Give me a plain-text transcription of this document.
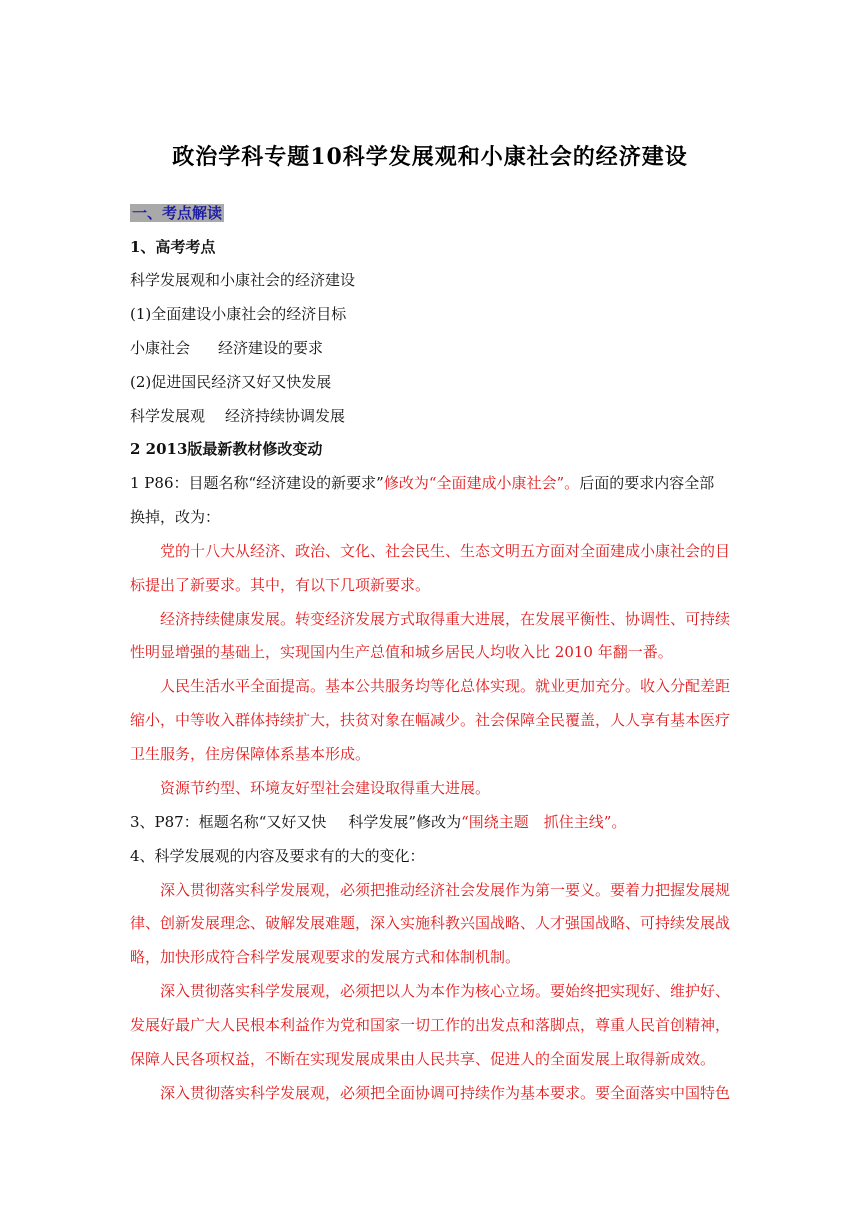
政治学科专题10科学发展观和小康社会的经济建设
一、考点解读
1、高考考点
科学发展观和小康社会的经济建设
(1)全面建设小康社会的经济目标
小康社会 经济建设的要求
(2)促进国民经济又好又快发展
科学发展观 经济持续协调发展
2 2013版最新教材修改变动
1 P86：目题名称“经济建设的新要求”修改为“全面建成小康社会”。后面的要求内容全部
换掉，改为：
党的十八大从经济、政治、文化、社会民生、生态文明五方面对全面建成小康社会的目
标提出了新要求。其中，有以下几项新要求。
经济持续健康发展。转变经济发展方式取得重大进展，在发展平衡性、协调性、可持续
性明显增强的基础上，实现国内生产总值和城乡居民人均收入比 2010 年翻一番。
人民生活水平全面提高。基本公共服务均等化总体实现。就业更加充分。收入分配差距
缩小，中等收入群体持续扩大，扶贫对象在幅减少。社会保障全民覆盖，人人享有基本医疗
卫生服务，住房保障体系基本形成。
资源节约型、环境友好型社会建设取得重大进展。
3、P87：框题名称“又好又快 科学发展”修改为“围绕主题　抓住主线”。
4、科学发展观的内容及要求有的大的变化：
深入贯彻落实科学发展观，必须把推动经济社会发展作为第一要义。要着力把握发展规
律、创新发展理念、破解发展难题，深入实施科教兴国战略、人才强国战略、可持续发展战
略，加快形成符合科学发展观要求的发展方式和体制机制。
深入贯彻落实科学发展观，必须把以人为本作为核心立场。要始终把实现好、维护好、
发展好最广大人民根本利益作为党和国家一切工作的出发点和落脚点，尊重人民首创精神，
保障人民各项权益，不断在实现发展成果由人民共享、促进人的全面发展上取得新成效。
深入贯彻落实科学发展观，必须把全面协调可持续作为基本要求。要全面落实中国特色
